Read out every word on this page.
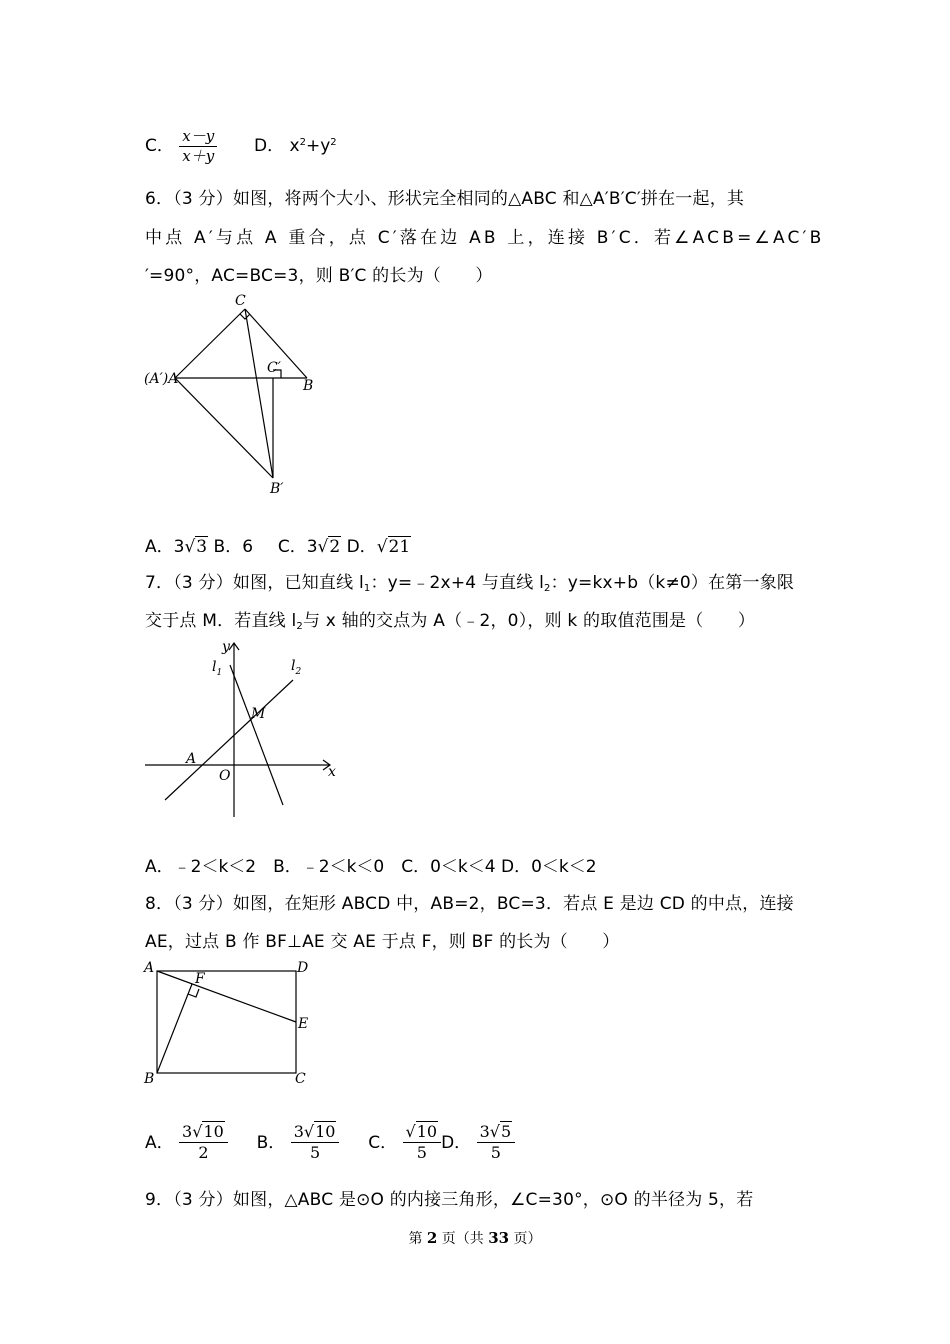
C． $\frac{x-y}{x+y}$ D． $x^2+y^2$
6．（3 分）如图，将两个大小、形状完全相同的△ABC 和△A′B′C′拼在一起，其
中点 A′与点 A 重合，点 C′落在边 AB 上，连接 B′C．若∠ACB=∠AC′B
′=90°，AC=BC=3，则 B′C 的长为（　　）
C
(A′)A
C′
B
B′
A．3√3 B．6 C．3√2 D．√21
7．（3 分）如图，已知直线 $l_1$：y=﹣2x+4 与直线 $l_2$：y=kx+b（k≠0）在第一象限
交于点 M．若直线 $l_2$与 x 轴的交点为 A（﹣2，0），则 k 的取值范围是（　　）
y
$l_1$	$l_2$
M
A
O	x
A．﹣2＜k＜2　B．﹣2＜k＜0　C．0＜k＜4 D．0＜k＜2
8．（3 分）如图，在矩形 ABCD 中，AB=2，BC=3．若点 E 是边 CD 的中点，连接
AE，过点 B 作 BF⊥AE 交 AE 于点 F，则 BF 的长为（　　）
A	D
F
E
B	C
A． $\frac{3√10}{2}$ B． $\frac{3√10}{5}$ C． $\frac{√10}{5}$ D． $\frac{3√5}{5}$
9．（3 分）如图，△ABC 是⊙O 的内接三角形，∠C=30°，⊙O 的半径为 5，若
第 2 页（共 33 页）
